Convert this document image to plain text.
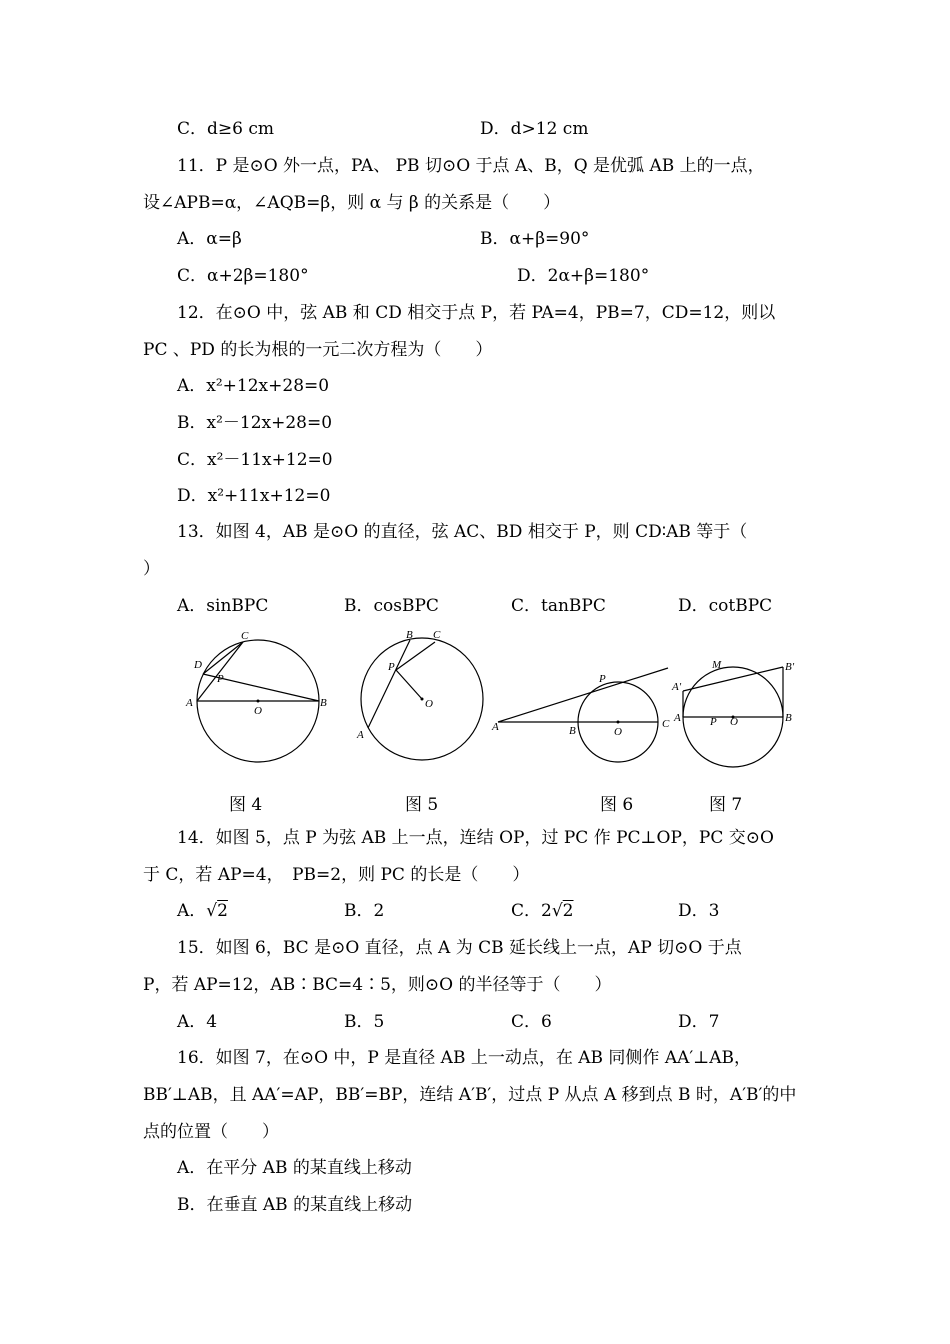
C．d≥6 cm	D．d>12 cm
11．P 是⊙O 外一点，PA、 PB 切⊙O 于点 A、B，Q 是优弧 AB 上的一点，
设∠APB=α，∠AQB=β，则 α 与 β 的关系是（　　）
A．α=β	B．α+β=90°
C．α+2β=180°	D．2α+β=180°
12．在⊙O 中，弦 AB 和 CD 相交于点 P，若 PA=4，PB=7，CD=12，则以
PC 、PD 的长为根的一元二次方程为（　　）
A．x²+12x+28=0
B．x²－12x+28=0
C．x²－11x+12=0
D．x²+11x+12=0
13．如图 4，AB 是⊙O 的直径，弦 AC、BD 相交于 P，则 CD∶AB 等于（
）
A．sinBPC	B．cosBPC	C．tanBPC	D．cotBPC
C
D
P
A
O
B
B C
P
O
A
P
A	B	O
C
M	B′
A′
A	P O	B
图 4	图 5	图 6	图 7
14．如图 5，点 P 为弦 AB 上一点，连结 OP，过 PC 作 PC⊥OP，PC 交⊙O
于 C，若 AP=4，　PB=2，则 PC 的长是（　　）
A．√2	B．2	C．2√2	D．3
15．如图 6，BC 是⊙O 直径，点 A 为 CB 延长线上一点，AP 切⊙O 于点
P，若 AP=12，AB∶BC=4∶5，则⊙O 的半径等于（　　）
A．4	B．5	C．6	D．7
16．如图 7，在⊙O 中，P 是直径 AB 上一动点，在 AB 同侧作 AA′⊥AB，
BB′⊥AB，且 AA′=AP，BB′=BP，连结 A′B′，过点 P 从点 A 移到点 B 时，A′B′的中
点的位置（　　）
A．在平分 AB 的某直线上移动
B．在垂直 AB 的某直线上移动
